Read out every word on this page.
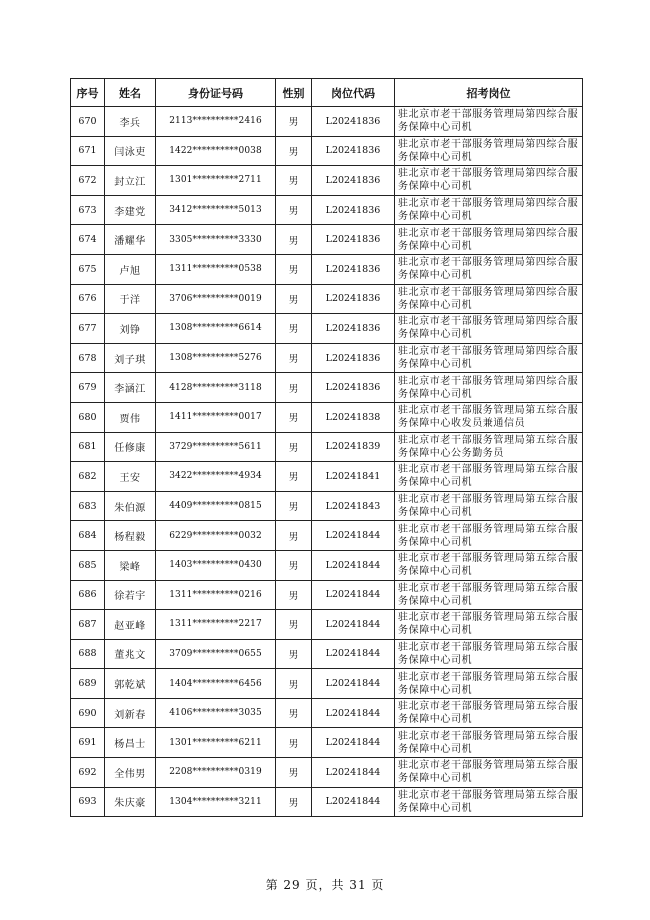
序号	姓名	身份证号码	性别	岗位代码	招考岗位
670	李兵	2113**********2416	男	L20241836	驻北京市老干部服务管理局第四综合服务保障中心司机
671	闫泳吏	1422**********0038	男	L20241836	驻北京市老干部服务管理局第四综合服务保障中心司机
672	封立江	1301**********2711	男	L20241836	驻北京市老干部服务管理局第四综合服务保障中心司机
673	李建党	3412**********5013	男	L20241836	驻北京市老干部服务管理局第四综合服务保障中心司机
674	潘耀华	3305**********3330	男	L20241836	驻北京市老干部服务管理局第四综合服务保障中心司机
675	卢旭	1311**********0538	男	L20241836	驻北京市老干部服务管理局第四综合服务保障中心司机
676	于洋	3706**********0019	男	L20241836	驻北京市老干部服务管理局第四综合服务保障中心司机
677	刘铮	1308**********6614	男	L20241836	驻北京市老干部服务管理局第四综合服务保障中心司机
678	刘子琪	1308**********5276	男	L20241836	驻北京市老干部服务管理局第四综合服务保障中心司机
679	李涵江	4128**********3118	男	L20241836	驻北京市老干部服务管理局第四综合服务保障中心司机
680	贾伟	1411**********0017	男	L20241838	驻北京市老干部服务管理局第五综合服务保障中心收发员兼通信员
681	任修康	3729**********5611	男	L20241839	驻北京市老干部服务管理局第五综合服务保障中心公务勤务员
682	王安	3422**********4934	男	L20241841	驻北京市老干部服务管理局第五综合服务保障中心司机
683	朱伯源	4409**********0815	男	L20241843	驻北京市老干部服务管理局第五综合服务保障中心司机
684	杨程毅	6229**********0032	男	L20241844	驻北京市老干部服务管理局第五综合服务保障中心司机
685	梁峰	1403**********0430	男	L20241844	驻北京市老干部服务管理局第五综合服务保障中心司机
686	徐若宇	1311**********0216	男	L20241844	驻北京市老干部服务管理局第五综合服务保障中心司机
687	赵亚峰	1311**********2217	男	L20241844	驻北京市老干部服务管理局第五综合服务保障中心司机
688	董兆文	3709**********0655	男	L20241844	驻北京市老干部服务管理局第五综合服务保障中心司机
689	郭乾斌	1404**********6456	男	L20241844	驻北京市老干部服务管理局第五综合服务保障中心司机
690	刘新春	4106**********3035	男	L20241844	驻北京市老干部服务管理局第五综合服务保障中心司机
691	杨昌士	1301**********6211	男	L20241844	驻北京市老干部服务管理局第五综合服务保障中心司机
692	全伟男	2208**********0319	男	L20241844	驻北京市老干部服务管理局第五综合服务保障中心司机
693	朱庆豪	1304**********3211	男	L20241844	驻北京市老干部服务管理局第五综合服务保障中心司机
第 29 页，共 31 页
